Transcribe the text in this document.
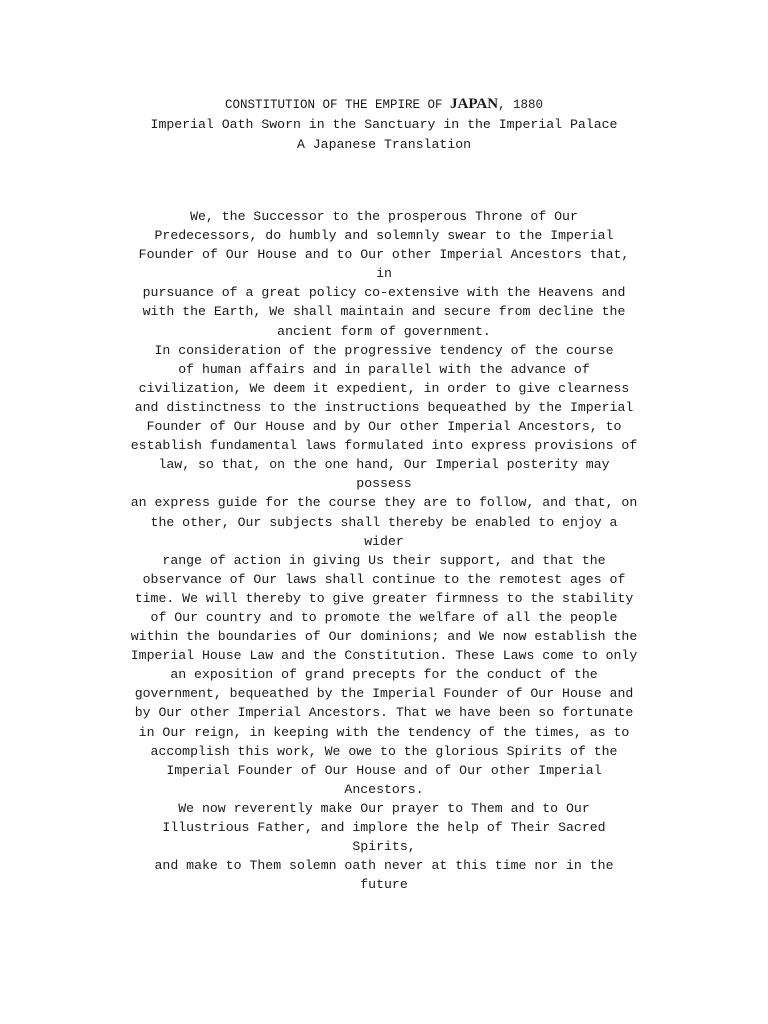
CONSTITUTION OF THE EMPIRE OF JAPAN, 1880
Imperial Oath Sworn in the Sanctuary in the Imperial Palace
A Japanese Translation
We, the Successor to the prosperous Throne of Our
Predecessors, do humbly and solemnly swear to the Imperial
Founder of Our House and to Our other Imperial Ancestors that,
in
pursuance of a great policy co-extensive with the Heavens and
with the Earth, We shall maintain and secure from decline the
ancient form of government.
In consideration of the progressive tendency of the course
of human affairs and in parallel with the advance of
civilization, We deem it expedient, in order to give clearness
and distinctness to the instructions bequeathed by the Imperial
Founder of Our House and by Our other Imperial Ancestors, to
establish fundamental laws formulated into express provisions of
law, so that, on the one hand, Our Imperial posterity may
possess
an express guide for the course they are to follow, and that, on
the other, Our subjects shall thereby be enabled to enjoy a
wider
range of action in giving Us their support, and that the
observance of Our laws shall continue to the remotest ages of
time. We will thereby to give greater firmness to the stability
of Our country and to promote the welfare of all the people
within the boundaries of Our dominions; and We now establish the
Imperial House Law and the Constitution. These Laws come to only
an exposition of grand precepts for the conduct of the
government, bequeathed by the Imperial Founder of Our House and
by Our other Imperial Ancestors. That we have been so fortunate
in Our reign, in keeping with the tendency of the times, as to
accomplish this work, We owe to the glorious Spirits of the
Imperial Founder of Our House and of Our other Imperial
Ancestors.
We now reverently make Our prayer to Them and to Our
Illustrious Father, and implore the help of Their Sacred
Spirits,
and make to Them solemn oath never at this time nor in the
future
